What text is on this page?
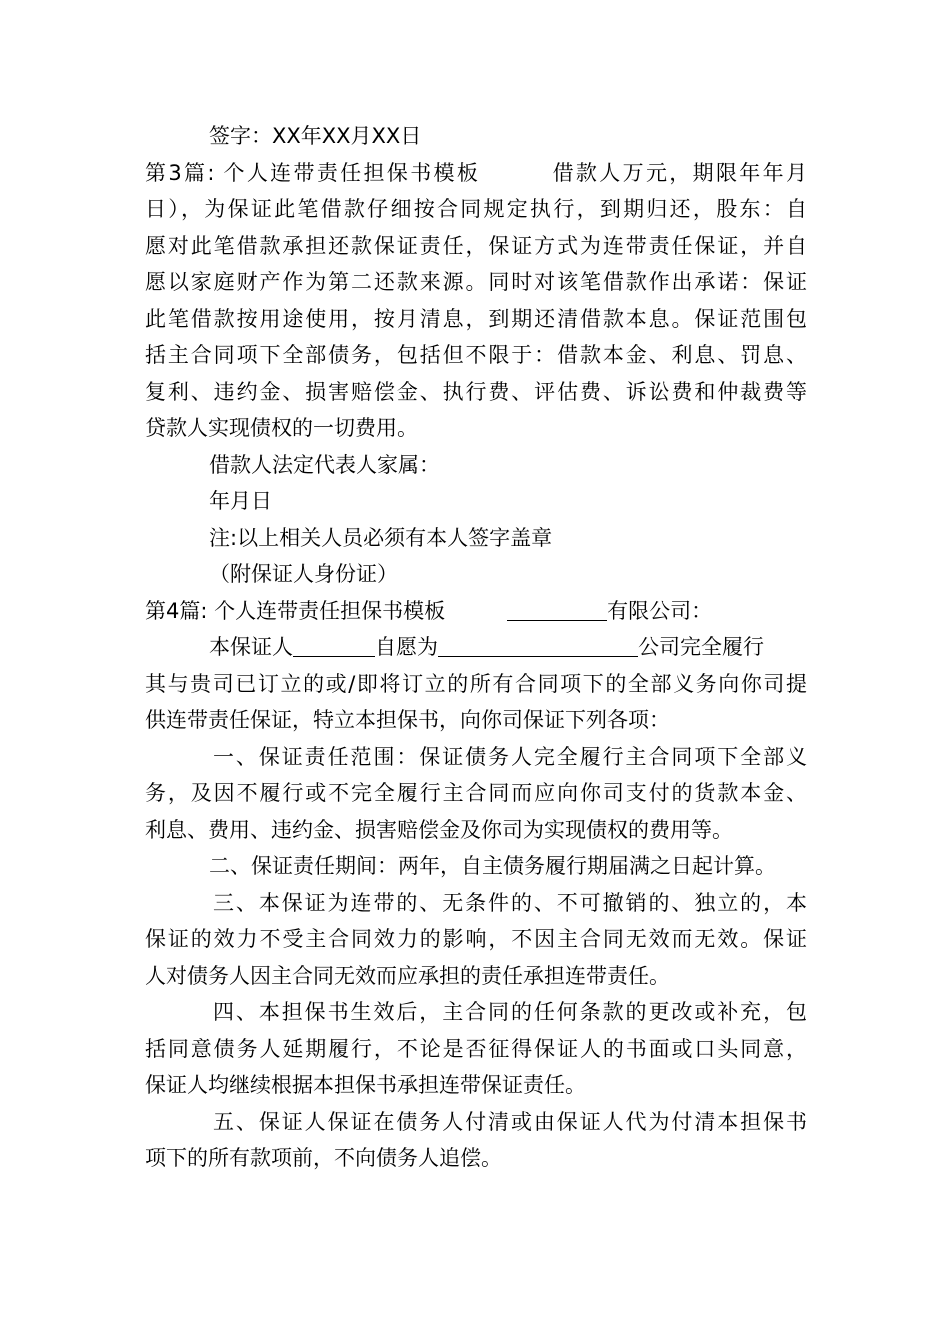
签字：XX年XX月XX日
第3篇: 个人连带责任担保书模板	借款人万元，期限年年月
日），为保证此笔借款仔细按合同规定执行，到期归还，股东：自
愿对此笔借款承担还款保证责任，保证方式为连带责任保证，并自
愿以家庭财产作为第二还款来源。同时对该笔借款作出承诺：保证
此笔借款按用途使用，按月清息，到期还清借款本息。保证范围包
括主合同项下全部债务，包括但不限于：借款本金、利息、罚息、
复利、违约金、损害赔偿金、执行费、评估费、诉讼费和仲裁费等
贷款人实现债权的一切费用。
借款人法定代表人家属：
年月日
注:以上相关人员必须有本人签字盖章
（附保证人身份证）
第4篇: 个人连带责任担保书模板	有限公司：
本保证人	自愿为	公司完全履行
其与贵司已订立的或/即将订立的所有合同项下的全部义务向你司提
供连带责任保证，特立本担保书，向你司保证下列各项：
一、保证责任范围：保证债务人完全履行主合同项下全部义
务，及因不履行或不完全履行主合同而应向你司支付的货款本金、
利息、费用、违约金、损害赔偿金及你司为实现债权的费用等。
二、保证责任期间：两年，自主债务履行期届满之日起计算。
三、本保证为连带的、无条件的、不可撤销的、独立的，本
保证的效力不受主合同效力的影响，不因主合同无效而无效。保证
人对债务人因主合同无效而应承担的责任承担连带责任。
四、本担保书生效后，主合同的任何条款的更改或补充，包
括同意债务人延期履行，不论是否征得保证人的书面或口头同意，
保证人均继续根据本担保书承担连带保证责任。
五、保证人保证在债务人付清或由保证人代为付清本担保书
项下的所有款项前，不向债务人追偿。
